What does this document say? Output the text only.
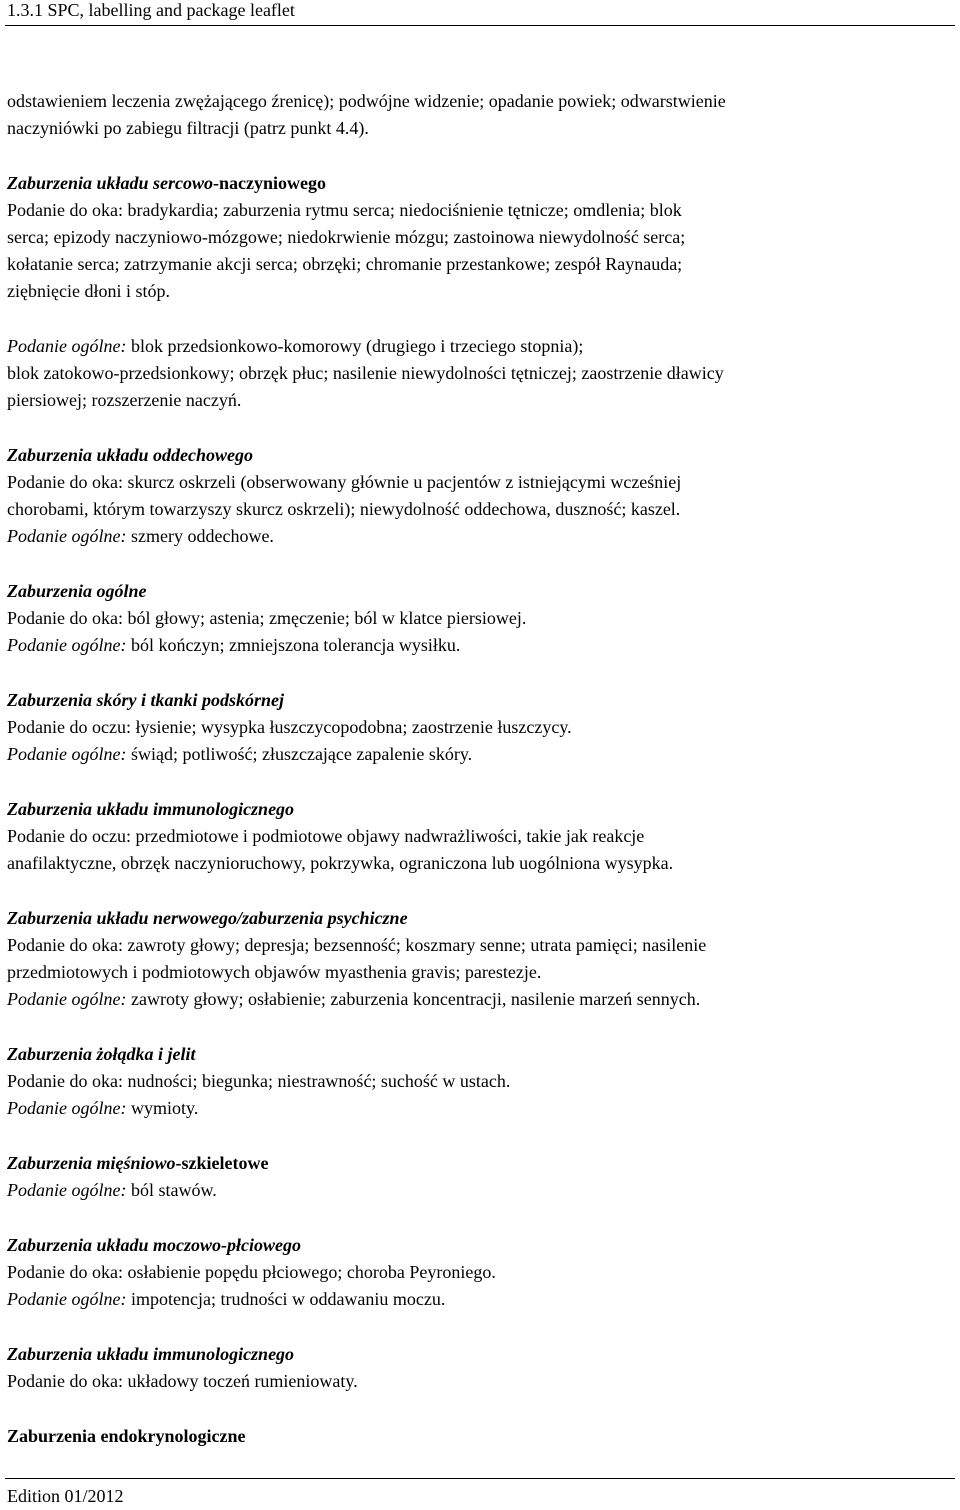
1.3.1 SPC, labelling and package leaflet
odstawieniem leczenia zwężającego źrenicę); podwójne widzenie; opadanie powiek; odwarstwienie
naczyniówki po zabiegu filtracji (patrz punkt 4.4).
Zaburzenia układu sercowo-naczyniowego
Podanie do oka: bradykardia; zaburzenia rytmu serca; niedociśnienie tętnicze; omdlenia; blok
serca; epizody naczyniowo-mózgowe; niedokrwienie mózgu; zastoinowa niewydolność serca;
kołatanie serca; zatrzymanie akcji serca; obrzęki; chromanie przestankowe; zespół Raynauda;
ziębnięcie dłoni i stóp.
Podanie ogólne: blok przedsionkowo-komorowy (drugiego i trzeciego stopnia);
blok zatokowo-przedsionkowy; obrzęk płuc; nasilenie niewydolności tętniczej; zaostrzenie dławicy
piersiowej; rozszerzenie naczyń.
Zaburzenia układu oddechowego
Podanie do oka: skurcz oskrzeli (obserwowany głównie u pacjentów z istniejącymi wcześniej
chorobami, którym towarzyszy skurcz oskrzeli); niewydolność oddechowa, duszność; kaszel.
Podanie ogólne: szmery oddechowe.
Zaburzenia ogólne
Podanie do oka: ból głowy; astenia; zmęczenie; ból w klatce piersiowej.
Podanie ogólne: ból kończyn; zmniejszona tolerancja wysiłku.
Zaburzenia skóry i tkanki podskórnej
Podanie do oczu: łysienie; wysypka łuszczycopodobna; zaostrzenie łuszczycy.
Podanie ogólne: świąd; potliwość; złuszczające zapalenie skóry.
Zaburzenia układu immunologicznego
Podanie do oczu: przedmiotowe i podmiotowe objawy nadwrażliwości, takie jak reakcje
anafilaktyczne, obrzęk naczynioruchowy, pokrzywka, ograniczona lub uogólniona wysypka.
Zaburzenia układu nerwowego/zaburzenia psychiczne
Podanie do oka: zawroty głowy; depresja; bezsenność; koszmary senne; utrata pamięci; nasilenie
przedmiotowych i podmiotowych objawów myasthenia gravis; parestezje.
Podanie ogólne: zawroty głowy; osłabienie; zaburzenia koncentracji, nasilenie marzeń sennych.
Zaburzenia żołądka i jelit
Podanie do oka: nudności; biegunka; niestrawność; suchość w ustach.
Podanie ogólne: wymioty.
Zaburzenia mięśniowo-szkieletowe
Podanie ogólne: ból stawów.
Zaburzenia układu moczowo-płciowego
Podanie do oka: osłabienie popędu płciowego; choroba Peyroniego.
Podanie ogólne: impotencja; trudności w oddawaniu moczu.
Zaburzenia układu immunologicznego
Podanie do oka: układowy toczeń rumieniowaty.
Zaburzenia endokrynologiczne
Edition 01/2012
